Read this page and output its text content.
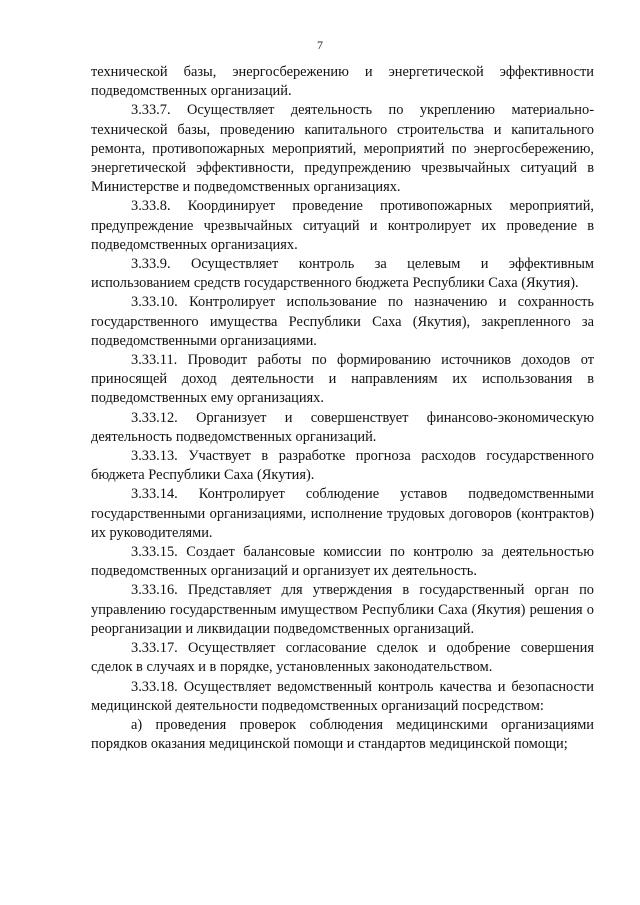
7

технической базы, энергосбережению и энергетической эффективности подведомственных организаций.

3.33.7. Осуществляет деятельность по укреплению материально-технической базы, проведению капитального строительства и капитального ремонта, противопожарных мероприятий, мероприятий по энергосбережению, энергетической эффективности, предупреждению чрезвычайных ситуаций в Министерстве и подведомственных организациях.

3.33.8. Координирует проведение противопожарных мероприятий, предупреждение чрезвычайных ситуаций и контролирует их проведение в подведомственных организациях.

3.33.9. Осуществляет контроль за целевым и эффективным использованием средств государственного бюджета Республики Саха (Якутия).

3.33.10. Контролирует использование по назначению и сохранность государственного имущества Республики Саха (Якутия), закрепленного за подведомственными организациями.

3.33.11. Проводит работы по формированию источников доходов от приносящей доход деятельности и направлениям их использования в подведомственных ему организациях.

3.33.12. Организует и совершенствует финансово-экономическую деятельность подведомственных организаций.

3.33.13. Участвует в разработке прогноза расходов государственного бюджета Республики Саха (Якутия).

3.33.14. Контролирует соблюдение уставов подведомственными государственными организациями, исполнение трудовых договоров (контрактов) их руководителями.

3.33.15. Создает балансовые комиссии по контролю за деятельностью подведомственных организаций и организует их деятельность.

3.33.16. Представляет для утверждения в государственный орган по управлению государственным имуществом Республики Саха (Якутия) решения о реорганизации и ликвидации подведомственных организаций.

3.33.17. Осуществляет согласование сделок и одобрение совершения сделок в случаях и в порядке, установленных законодательством.

3.33.18. Осуществляет ведомственный контроль качества и безопасности медицинской деятельности подведомственных организаций посредством:

а) проведения проверок соблюдения медицинскими организациями порядков оказания медицинской помощи и стандартов медицинской помощи;
